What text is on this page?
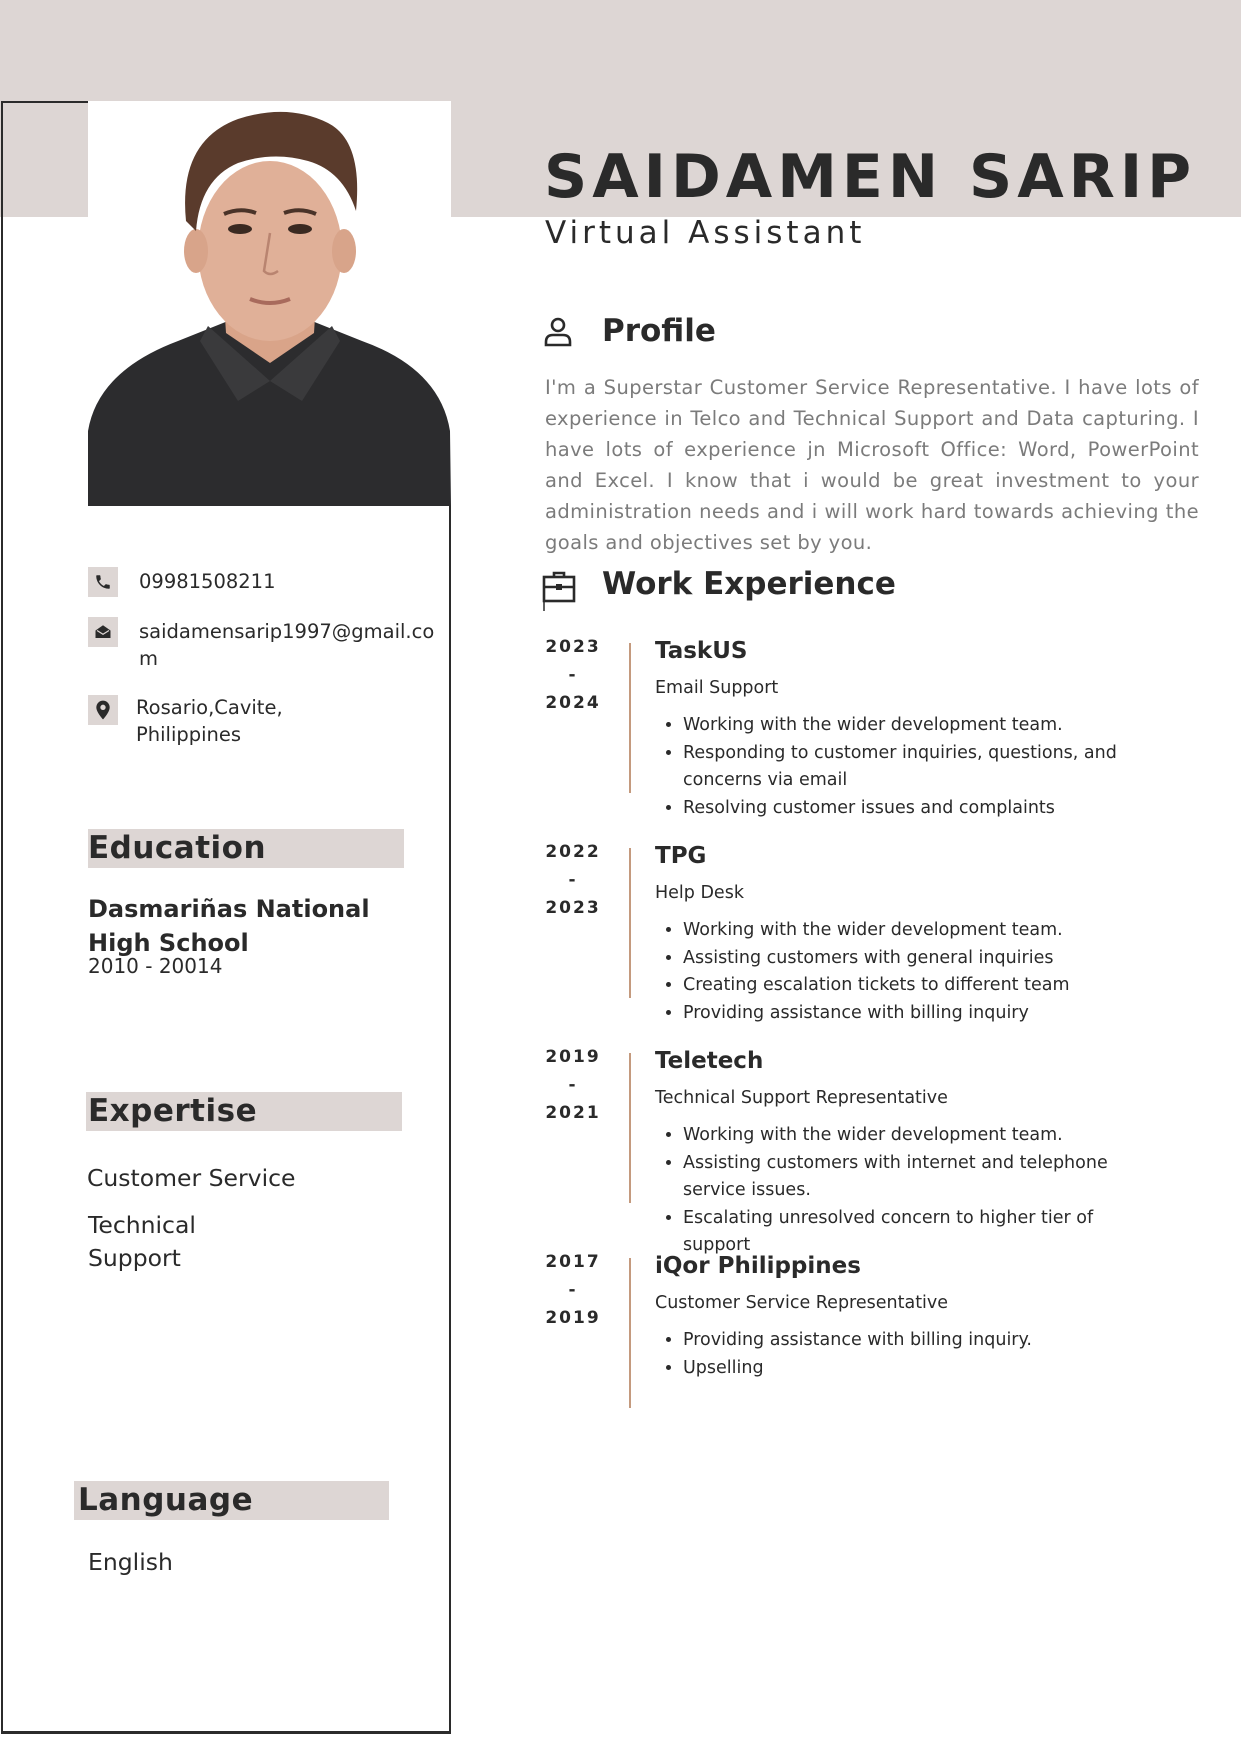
SAIDAMEN SARIP
Virtual Assistant
09981508211
saidamensarip1997@gmail.co
m
Rosario,Cavite,
Philippines
Education
Dasmariñas National High School
2010 - 20014
Expertise
Customer Service
Technical Support
Language
English
Profile
I'm a Superstar Customer Service Representative. I have lots of experience in Telco and Technical Support and Data capturing. I have lots of experience jn Microsoft Office: Word, PowerPoint and Excel. I know that i would be great investment to your administration needs and i will work hard towards achieving the goals and objectives set by you.
Work Experience
2023
-
2024
TaskUS
Email Support
• Working with the wider development team.
• Responding to customer inquiries, questions, and concerns via email
• Resolving customer issues and complaints
2022
-
2023
TPG
Help Desk
• Working with the wider development team.
• Assisting customers with general inquiries
• Creating escalation tickets to different team
• Providing assistance with billing inquiry
2019
-
2021
Teletech
Technical Support Representative
• Working with the wider development team.
• Assisting customers with internet and telephone service issues.
• Escalating unresolved concern to higher tier of support
2017
-
2019
iQor Philippines
Customer Service Representative
• Providing assistance with billing inquiry.
• Upselling
